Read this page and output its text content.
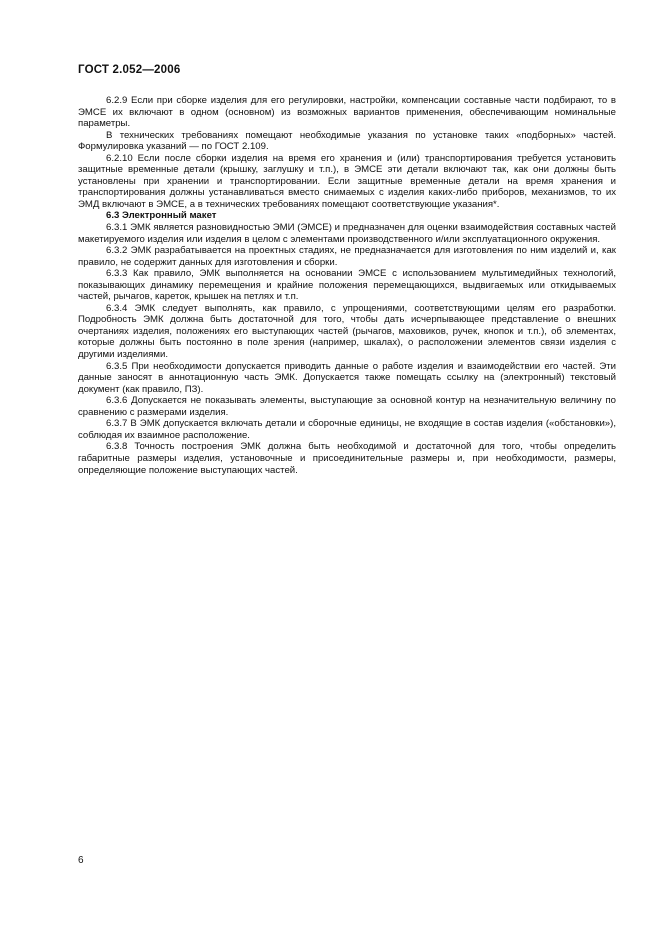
ГОСТ 2.052—2006

6.2.9 Если при сборке изделия для его регулировки, настройки, компенсации составные части подбирают, то в ЭМСЕ их включают в одном (основном) из возможных вариантов применения, обеспечивающим номинальные параметры.

В технических требованиях помещают необходимые указания по установке таких «подборных» частей. Формулировка указаний — по ГОСТ 2.109.

6.2.10 Если после сборки изделия на время его хранения и (или) транспортирования требуется установить защитные временные детали (крышку, заглушку и т.п.), в ЭМСЕ эти детали включают так, как они должны быть установлены при хранении и транспортировании. Если защитные временные детали на время хранения и транспортирования должны устанавливаться вместо снимаемых с изделия каких-либо приборов, механизмов, то их ЭМД включают в ЭМСЕ, а в технических требованиях помещают соответствующие указания*.

6.3 Электронный макет

6.3.1 ЭМК является разновидностью ЭМИ (ЭМСЕ) и предназначен для оценки взаимодействия составных частей макетируемого изделия или изделия в целом с элементами производственного и/или эксплуатационного окружения.

6.3.2 ЭМК разрабатывается на проектных стадиях, не предназначается для изготовления по ним изделий и, как правило, не содержит данных для изготовления и сборки.

6.3.3 Как правило, ЭМК выполняется на основании ЭМСЕ с использованием мультимедийных технологий, показывающих динамику перемещения и крайние положения перемещающихся, выдвигаемых или откидываемых частей, рычагов, кареток, крышек на петлях и т.п.

6.3.4 ЭМК следует выполнять, как правило, с упрощениями, соответствующими целям его разработки. Подробность ЭМК должна быть достаточной для того, чтобы дать исчерпывающее представление о внешних очертаниях изделия, положениях его выступающих частей (рычагов, маховиков, ручек, кнопок и т.п.), об элементах, которые должны быть постоянно в поле зрения (например, шкалах), о расположении элементов связи изделия с другими изделиями.

6.3.5 При необходимости допускается приводить данные о работе изделия и взаимодействии его частей. Эти данные заносят в аннотационную часть ЭМК. Допускается также помещать ссылку на (электронный) текстовый документ (как правило, ПЗ).

6.3.6 Допускается не показывать элементы, выступающие за основной контур на незначительную величину по сравнению с размерами изделия.

6.3.7 В ЭМК допускается включать детали и сборочные единицы, не входящие в состав изделия («обстановки»), соблюдая их взаимное расположение.

6.3.8 Точность построения ЭМК должна быть необходимой и достаточной для того, чтобы определить габаритные размеры изделия, установочные и присоединительные размеры и, при необходимости, размеры, определяющие положение выступающих частей.

6
